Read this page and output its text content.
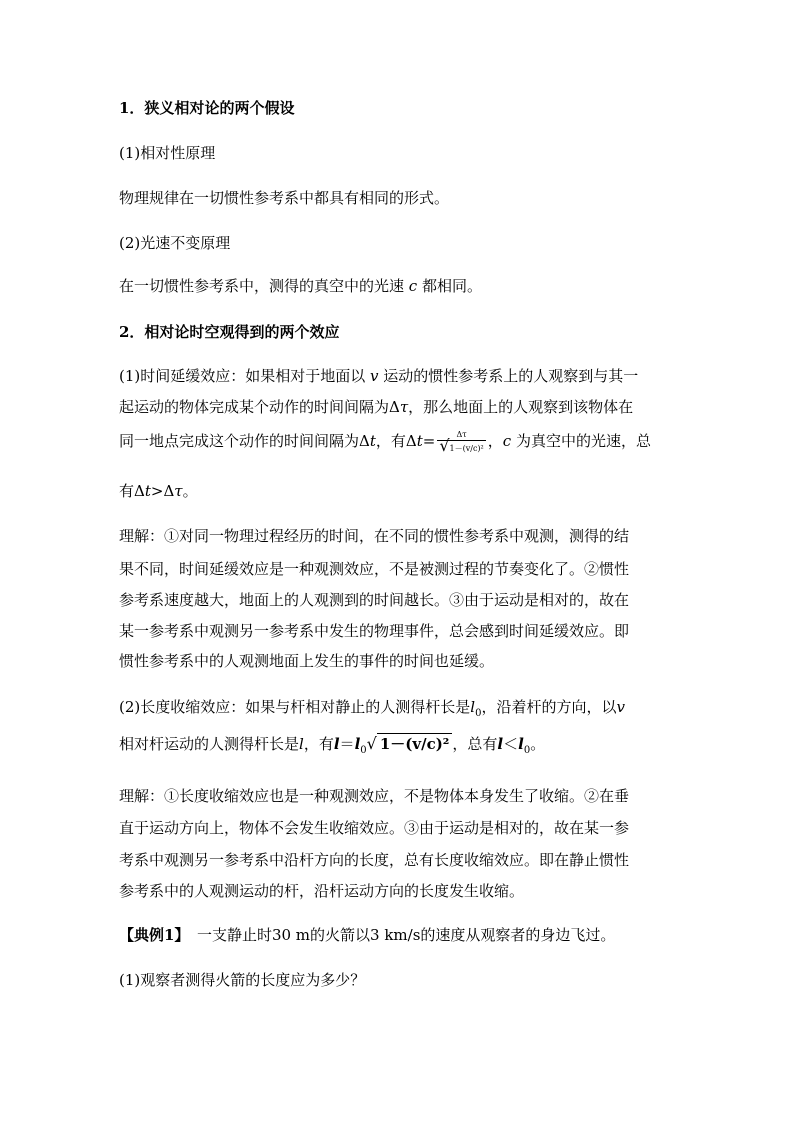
1．狭义相对论的两个假设
(1)相对性原理
物理规律在一切惯性参考系中都具有相同的形式。
(2)光速不变原理
在一切惯性参考系中，测得的真空中的光速 c 都相同。
2．相对论时空观得到的两个效应
(1)时间延缓效应：如果相对于地面以 v 运动的惯性参考系上的人观察到与其一
起运动的物体完成某个动作的时间间隔为Δτ，那么地面上的人观察到该物体在
同一地点完成这个动作的时间间隔为Δt，有$\Delta t= \frac{\Delta\tau}{\text{√1－(v/c)²}}$ ，c 为真空中的光速，总
有Δt>Δτ。
理解：①对同一物理过程经历的时间，在不同的惯性参考系中观测，测得的结
果不同，时间延缓效应是一种观测效应，不是被测过程的节奏变化了。②惯性
参考系速度越大，地面上的人观测到的时间越长。③由于运动是相对的，故在
某一参考系中观测另一参考系中发生的物理事件，总会感到时间延缓效应。即
惯性参考系中的人观测地面上发生的事件的时间也延缓。
(2)长度收缩效应：如果与杆相对静止的人测得杆长是$l_0$，沿着杆的方向，以v
相对杆运动的人测得杆长是l，有$l=l_0√$ 1－(v/c)² ，总有$l<l_0$。
理解：①长度收缩效应也是一种观测效应，不是物体本身发生了收缩。②在垂
直于运动方向上，物体不会发生收缩效应。③由于运动是相对的，故在某一参
考系中观测另一参考系中沿杆方向的长度，总有长度收缩效应。即在静止惯性
参考系中的人观测运动的杆，沿杆运动方向的长度发生收缩。
【典例1】　一支静止时30 m的火箭以3 km/s的速度从观察者的身边飞过。
(1)观察者测得火箭的长度应为多少？
